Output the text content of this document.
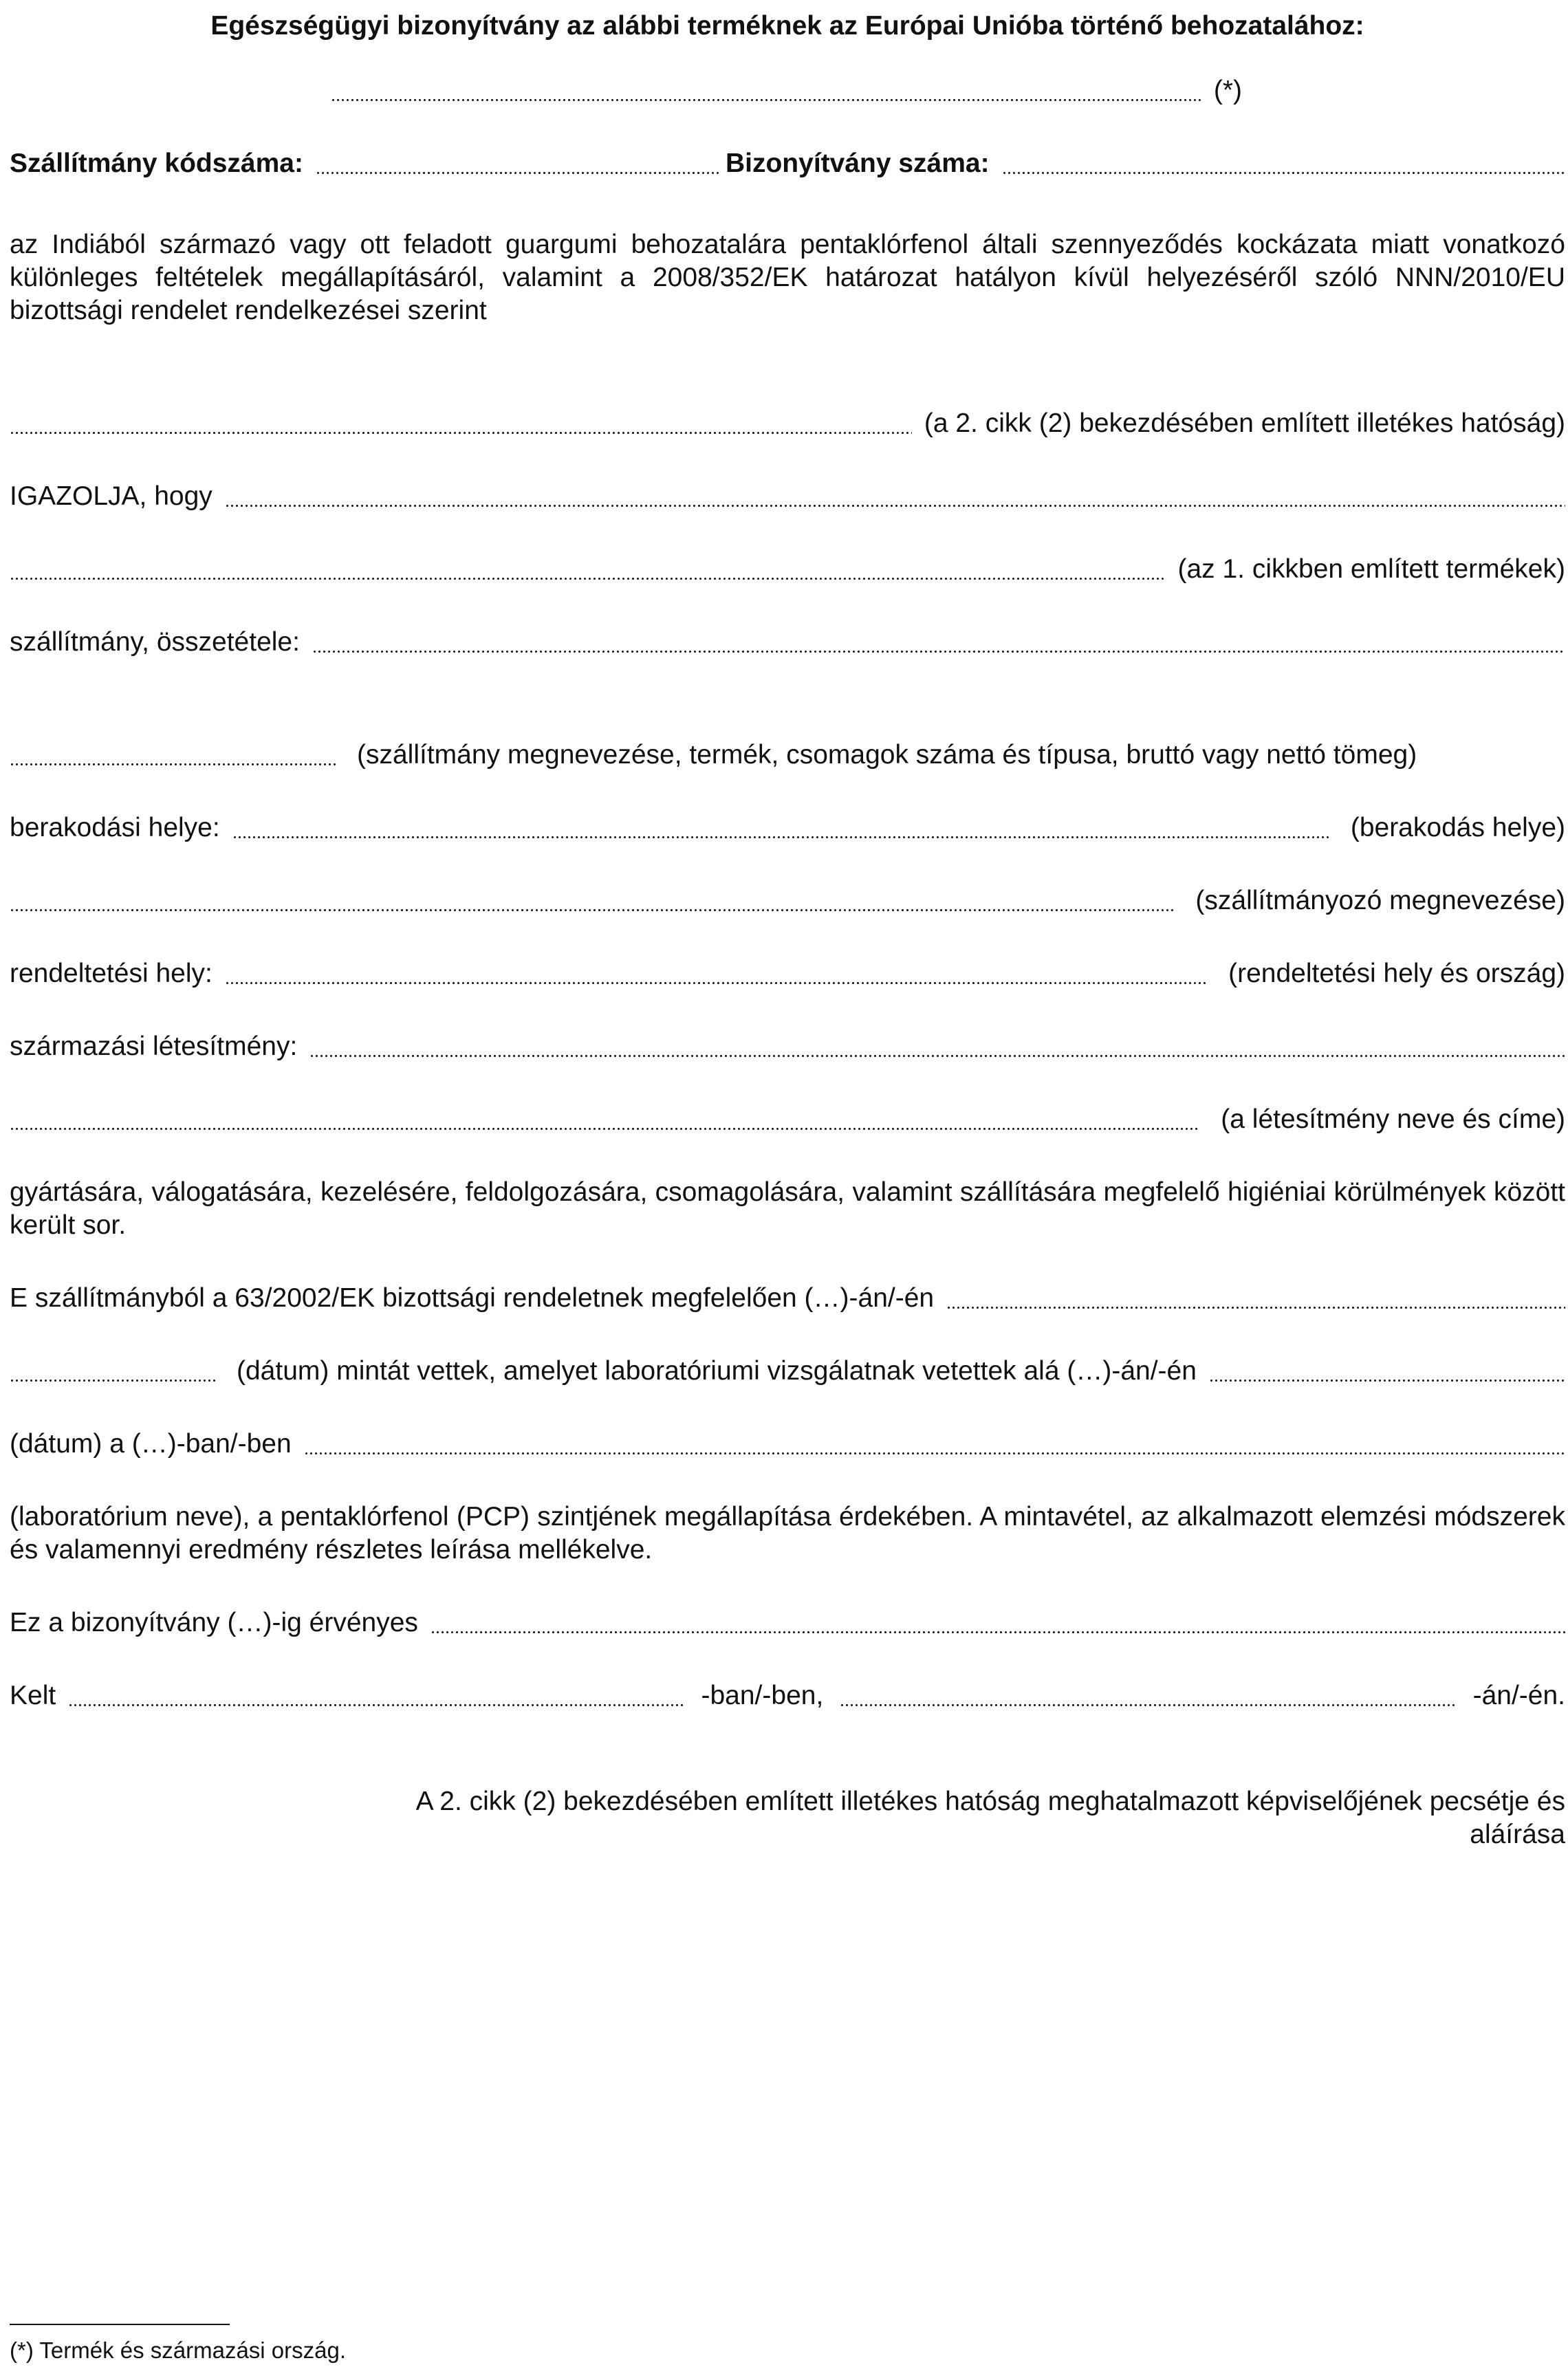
Egészségügyi bizonyítvány az alábbi terméknek az Európai Unióba történő behozatalához:
(*)
Szállítmány kódszáma:	Bizonyítvány száma:
az Indiából származó vagy ott feladott guargumi behozatalára pentaklórfenol általi szennyeződés kockázata miatt vonatkozó különleges feltételek megállapításáról, valamint a 2008/352/EK határozat hatályon kívül helyezéséről szóló NNN/2010/EU bizottsági rendelet rendelkezései szerint
(a 2. cikk (2) bekezdésében említett illetékes hatóság)
IGAZOLJA, hogy
(az 1. cikkben említett termékek)
szállítmány, összetétele:
(szállítmány megnevezése, termék, csomagok száma és típusa, bruttó vagy nettó tömeg)
berakodási helye:	(berakodás helye)
(szállítmányozó megnevezése)
rendeltetési hely:	(rendeltetési hely és ország)
származási létesítmény:
(a létesítmény neve és címe)
gyártására, válogatására, kezelésére, feldolgozására, csomagolására, valamint szállítására megfelelő higiéniai körülmények között került sor.
E szállítmányból a 63/2002/EK bizottsági rendeletnek megfelelően (…)-án/-én
(dátum) mintát vettek, amelyet laboratóriumi vizsgálatnak vetettek alá (…)-án/-én
(dátum) a (…)-ban/-ben
(laboratórium neve), a pentaklórfenol (PCP) szintjének megállapítása érdekében. A mintavétel, az alkalmazott elemzési módszerek és valamennyi eredmény részletes leírása mellékelve.
Ez a bizonyítvány (…)-ig érvényes
Kelt	-ban/-ben,	-án/-én.
A 2. cikk (2) bekezdésében említett illetékes hatóság meghatalmazott képviselőjének pecsétje és
aláírása
(*) Termék és származási ország.
